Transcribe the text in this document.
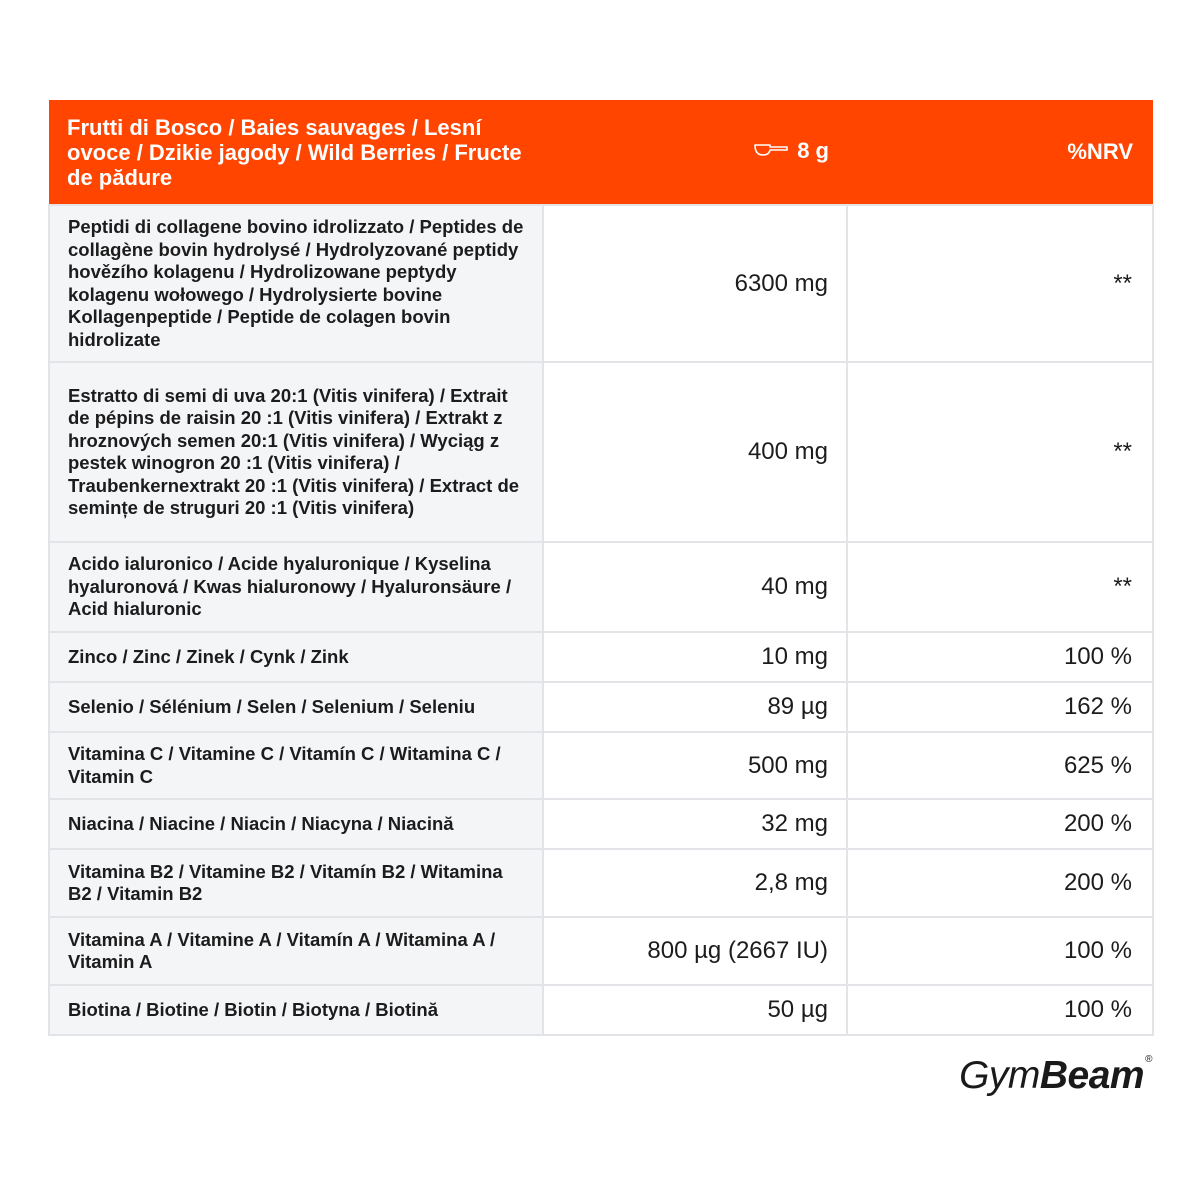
Frutti di Bosco / Baies sauvages / Lesní ovoce / Dzikie jagody / Wild Berries / Fructe de pădure	8 g	%NRV
Peptidi di collagene bovino idrolizzato / Peptides de collagène bovin hydrolysé / Hydrolyzované peptidy hovězího kolagenu / Hydrolizowane peptydy kolagenu wołowego / Hydrolysierte bovine Kollagenpeptide / Peptide de colagen bovin hidrolizate	6300 mg	**
Estratto di semi di uva 20:1 (Vitis vinifera) / Extrait de pépins de raisin 20 :1 (Vitis vinifera) / Extrakt z hroznových semen 20:1 (Vitis vinifera) / Wyciąg z pestek winogron 20 :1 (Vitis vinifera) / Traubenkernextrakt 20 :1 (Vitis vinifera) / Extract de semințe de struguri 20 :1 (Vitis vinifera)	400 mg	**
Acido ialuronico / Acide hyaluronique / Kyselina hyaluronová / Kwas hialuronowy / Hyaluronsäure / Acid hialuronic	40 mg	**
Zinco / Zinc / Zinek / Cynk / Zink	10 mg	100 %
Selenio / Sélénium / Selen / Selenium / Seleniu	89 µg	162 %
Vitamina C / Vitamine C / Vitamín C / Witamina C / Vitamin C	500 mg	625 %
Niacina / Niacine / Niacin / Niacyna / Niacină	32 mg	200 %
Vitamina B2 / Vitamine B2 / Vitamín B2 / Witamina B2 / Vitamin B2	2,8 mg	200 %
Vitamina A / Vitamine A / Vitamín A / Witamina A / Vitamin A	800 µg (2667 IU)	100 %
Biotina / Biotine / Biotin / Biotyna / Biotină	50 µg	100 %
GymBeam®
